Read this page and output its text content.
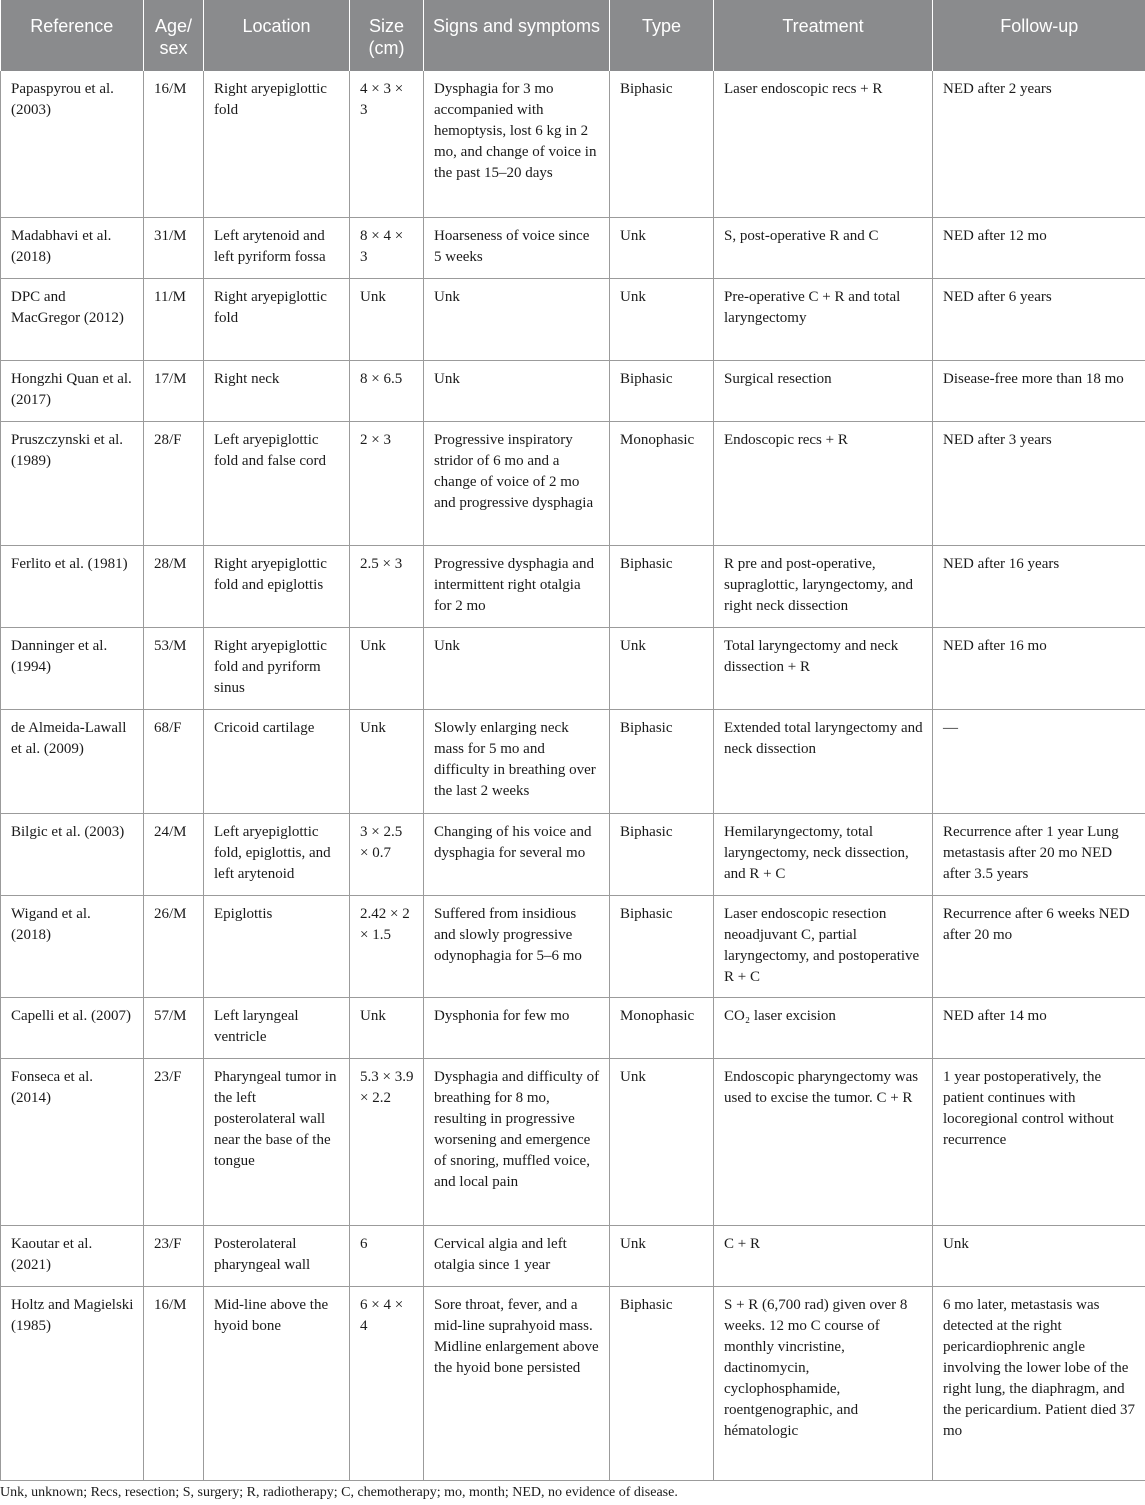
Reference	Age/ sex	Location	Size (cm)	Signs and symptoms	Type	Treatment	Follow-up
Papaspyrou et al. (2003)	16/M	Right aryepiglottic fold	4 × 3 × 3	Dysphagia for 3 mo accompanied with hemoptysis, lost 6 kg in 2 mo, and change of voice in the past 15–20 days	Biphasic	Laser endoscopic recs + R	NED after 2 years
Madabhavi et al. (2018)	31/M	Left arytenoid and left pyriform fossa	8 × 4 × 3	Hoarseness of voice since 5 weeks	Unk	S, post-operative R and C	NED after 12 mo
DPC and MacGregor (2012)	11/M	Right aryepiglottic fold	Unk	Unk	Unk	Pre-operative C + R and total laryngectomy	NED after 6 years
Hongzhi Quan et al. (2017)	17/M	Right neck	8 × 6.5	Unk	Biphasic	Surgical resection	Disease-free more than 18 mo
Pruszczynski et al. (1989)	28/F	Left aryepiglottic fold and false cord	2 × 3	Progressive inspiratory stridor of 6 mo and a change of voice of 2 mo and progressive dysphagia	Monophasic	Endoscopic recs + R	NED after 3 years
Ferlito et al. (1981)	28/M	Right aryepiglottic fold and epiglottis	2.5 × 3	Progressive dysphagia and intermittent right otalgia for 2 mo	Biphasic	R pre and post-operative, supraglottic, laryngectomy, and right neck dissection	NED after 16 years
Danninger et al. (1994)	53/M	Right aryepiglottic fold and pyriform sinus	Unk	Unk	Unk	Total laryngectomy and neck dissection + R	NED after 16 mo
de Almeida-Lawall et al. (2009)	68/F	Cricoid cartilage	Unk	Slowly enlarging neck mass for 5 mo and difficulty in breathing over the last 2 weeks	Biphasic	Extended total laryngectomy and neck dissection	—
Bilgic et al. (2003)	24/M	Left aryepiglottic fold, epiglottis, and left arytenoid	3 × 2.5 × 0.7	Changing of his voice and dysphagia for several mo	Biphasic	Hemilaryngectomy, total laryngectomy, neck dissection, and R + C	Recurrence after 1 year Lung metastasis after 20 mo NED after 3.5 years
Wigand et al. (2018)	26/M	Epiglottis	2.42 × 2 × 1.5	Suffered from insidious and slowly progressive odynophagia for 5–6 mo	Biphasic	Laser endoscopic resection neoadjuvant C, partial laryngectomy, and postoperative R + C	Recurrence after 6 weeks NED after 20 mo
Capelli et al. (2007)	57/M	Left laryngeal ventricle	Unk	Dysphonia for few mo	Monophasic	CO₂ laser excision	NED after 14 mo
Fonseca et al. (2014)	23/F	Pharyngeal tumor in the left posterolateral wall near the base of the tongue	5.3 × 3.9 × 2.2	Dysphagia and difficulty of breathing for 8 mo, resulting in progressive worsening and emergence of snoring, muffled voice, and local pain	Unk	Endoscopic pharyngectomy was used to excise the tumor. C + R	1 year postoperatively, the patient continues with locoregional control without recurrence
Kaoutar et al. (2021)	23/F	Posterolateral pharyngeal wall	6	Cervical algia and left otalgia since 1 year	Unk	C + R	Unk
Holtz and Magielski (1985)	16/M	Mid-line above the hyoid bone	6 × 4 × 4	Sore throat, fever, and a mid-line suprahyoid mass. Midline enlargement above the hyoid bone persisted	Biphasic	S + R (6,700 rad) given over 8 weeks. 12 mo C course of monthly vincristine, dactinomycin, cyclophosphamide, roentgenographic, and hématologic	6 mo later, metastasis was detected at the right pericardiophrenic angle involving the lower lobe of the right lung, the diaphragm, and the pericardium. Patient died 37 mo
Unk, unknown; Recs, resection; S, surgery; R, radiotherapy; C, chemotherapy; mo, month; NED, no evidence of disease.
